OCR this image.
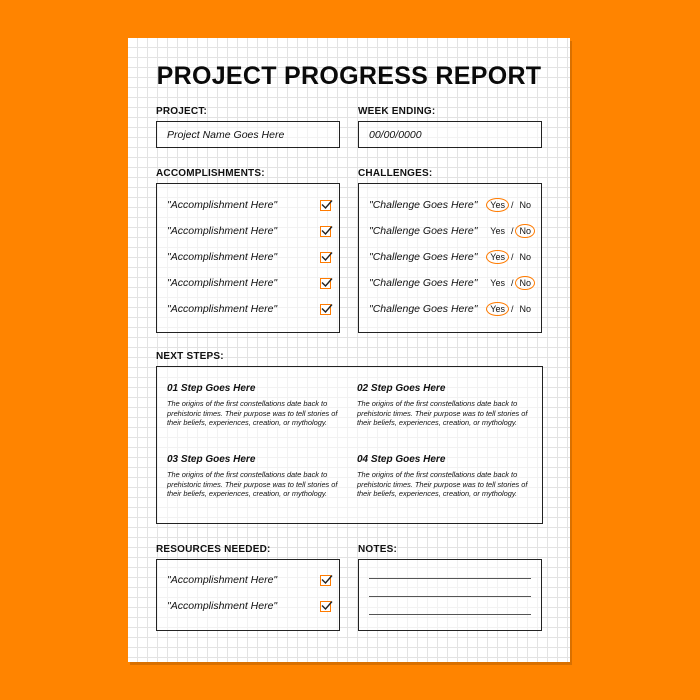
PROJECT PROGRESS REPORT
PROJECT:
Project Name Goes Here
WEEK ENDING:
00/00/0000
ACCOMPLISHMENTS:
"Accomplishment Here"
"Accomplishment Here"
"Accomplishment Here"
"Accomplishment Here"
"Accomplishment Here"
CHALLENGES:
"Challenge Goes Here"	Yes / No
"Challenge Goes Here"	Yes / No
"Challenge Goes Here"	Yes / No
"Challenge Goes Here"	Yes / No
"Challenge Goes Here"	Yes / No
NEXT STEPS:
01 Step Goes Here
The origins of the first constellations date back to prehistoric times. Their purpose was to tell stories of their beliefs, experiences, creation, or mythology.
02 Step Goes Here
The origins of the first constellations date back to prehistoric times. Their purpose was to tell stories of their beliefs, experiences, creation, or mythology.
03 Step Goes Here
The origins of the first constellations date back to prehistoric times. Their purpose was to tell stories of their beliefs, experiences, creation, or mythology.
04 Step Goes Here
The origins of the first constellations date back to prehistoric times. Their purpose was to tell stories of their beliefs, experiences, creation, or mythology.
RESOURCES NEEDED:
"Accomplishment Here"
"Accomplishment Here"
NOTES:
